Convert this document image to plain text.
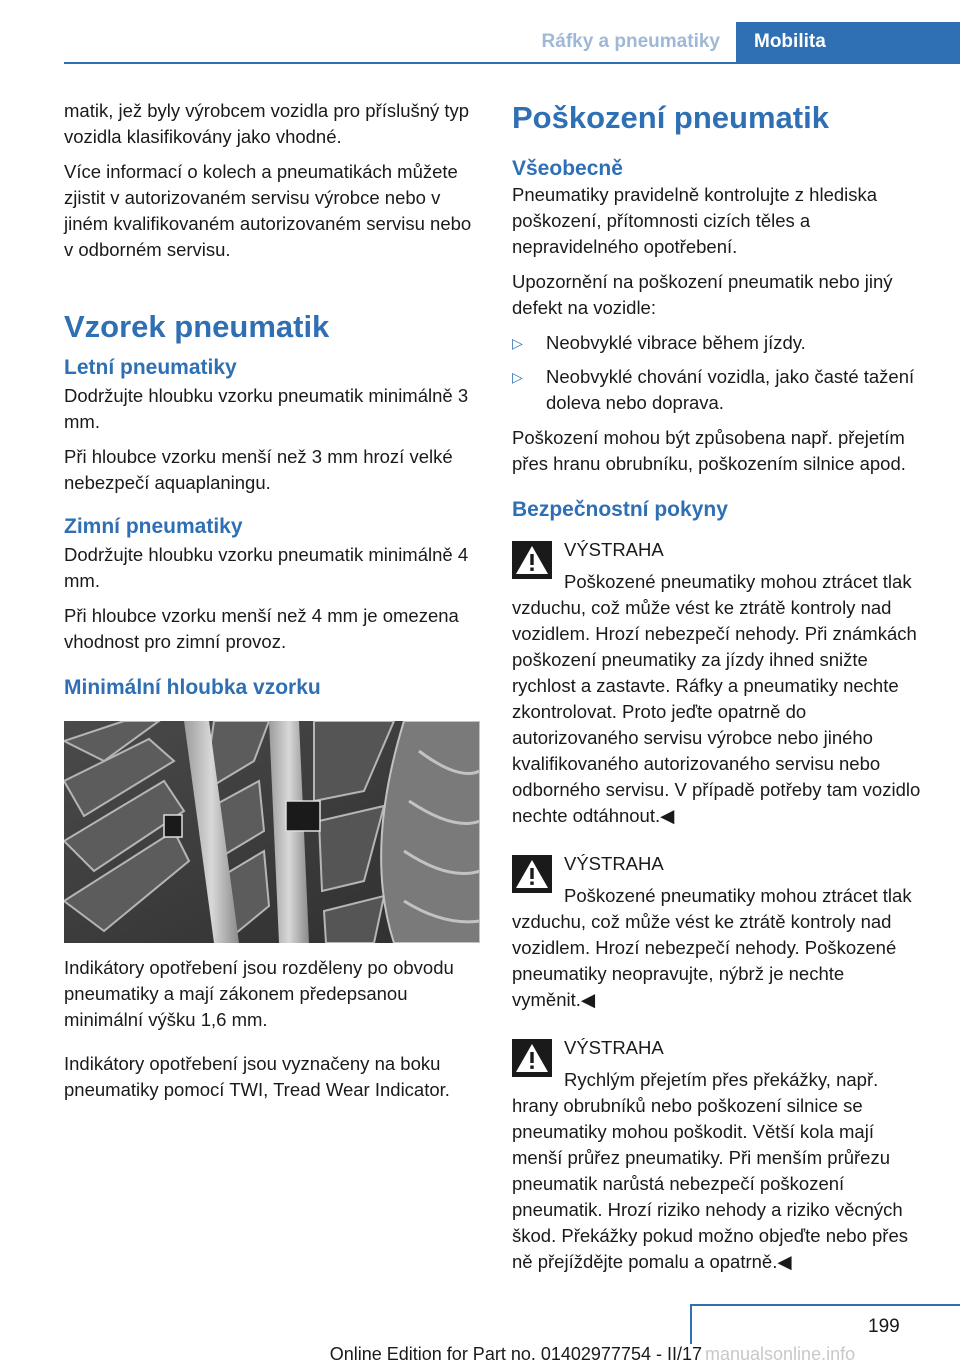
Ráfky a pneumatiky	Mobilita

matik, jež byly výrobcem vozidla pro příslušný typ vozidla klasifikovány jako vhodné.

Více informací o kolech a pneumatikách můžete zjistit v autorizovaném servisu výrobce nebo v jiném kvalifikovaném autorizovaném servisu nebo v odborném servisu.

Vzorek pneumatik
Letní pneumatiky

Dodržujte hloubku vzorku pneumatik minimálně 3 mm.

Při hloubce vzorku menší než 3 mm hrozí velké nebezpečí aquaplaningu.

Zimní pneumatiky

Dodržujte hloubku vzorku pneumatik minimálně 4 mm.

Při hloubce vzorku menší než 4 mm je omezena vhodnost pro zimní provoz.

Minimální hloubka vzorku

Indikátory opotřebení jsou rozděleny po obvodu pneumatiky a mají zákonem předepsanou minimální výšku 1,6 mm.

Indikátory opotřebení jsou vyznačeny na boku pneumatiky pomocí TWI, Tread Wear Indicator.

Poškození pneumatik
Všeobecně

Pneumatiky pravidelně kontrolujte z hlediska poškození, přítomnosti cizích těles a nepravidelného opotřebení.

Upozornění na poškození pneumatik nebo jiný defekt na vozidle:

▷ Neobvyklé vibrace během jízdy.
▷ Neobvyklé chování vozidla, jako časté tažení doleva nebo doprava.

Poškození mohou být způsobena např. přejetím přes hranu obrubníku, poškozením silnice apod.

Bezpečnostní pokyny
VÝSTRAHA

Poškozené pneumatiky mohou ztrácet tlak vzduchu, což může vést ke ztrátě kontroly nad vozidlem. Hrozí nebezpečí nehody. Při známkách poškození pneumatiky za jízdy ihned snižte rychlost a zastavte. Ráfky a pneumatiky nechte zkontrolovat. Proto jeďte opatrně do autorizovaného servisu výrobce nebo jiného kvalifikovaného autorizovaného servisu nebo odborného servisu. V případě potřeby tam vozidlo nechte odtáhnout.◀

VÝSTRAHA

Poškozené pneumatiky mohou ztrácet tlak vzduchu, což může vést ke ztrátě kontroly nad vozidlem. Hrozí nebezpečí nehody. Poškozené pneumatiky neopravujte, nýbrž je nechte vyměnit.◀

VÝSTRAHA

Rychlým přejetím přes překážky, např. hrany obrubníků nebo poškození silnice se pneumatiky mohou poškodit. Větší kola mají menší průřez pneumatiky. Při menším průřezu pneumatik narůstá nebezpečí poškození pneumatik. Hrozí riziko nehody a riziko věcných škod. Překážky pokud možno objeďte nebo přes ně přejíždějte pomalu a opatrně.◀

199
manualsonline.info
Online Edition for Part no. 01402977754 - II/17
